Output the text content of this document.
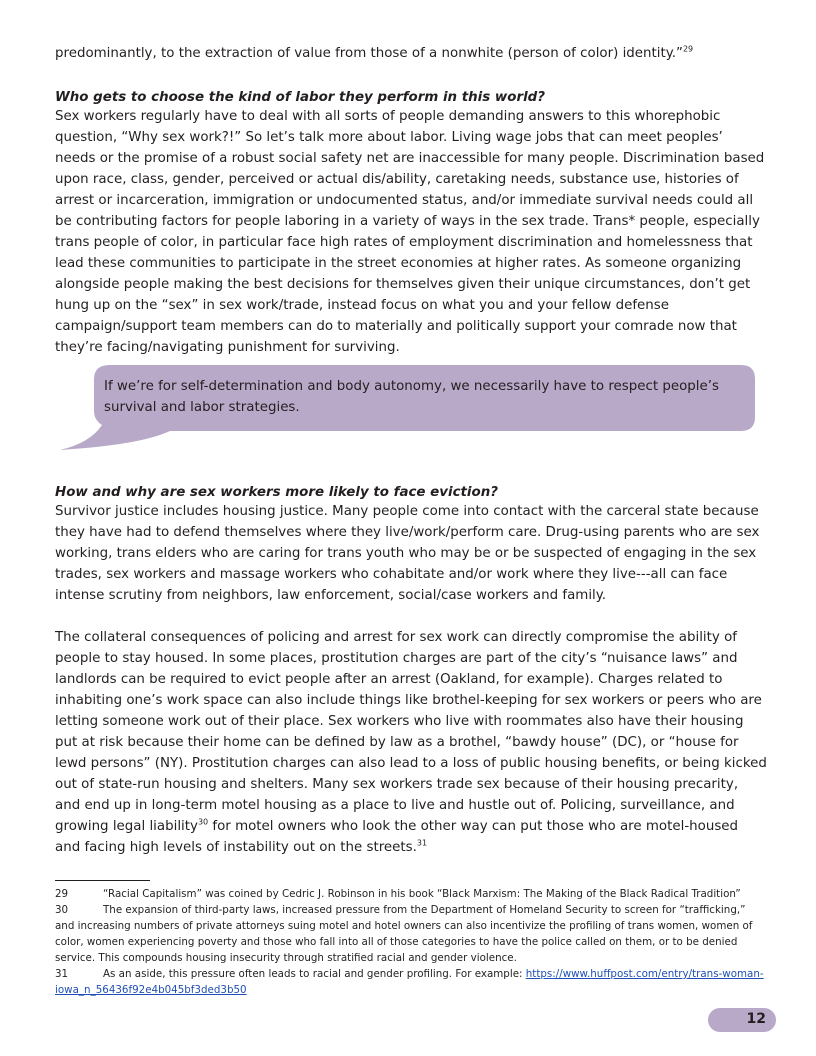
predominantly, to the extraction of value from those of a nonwhite (person of color) identity.”$^{29}$

Who gets to choose the kind of labor they perform in this world?

Sex workers regularly have to deal with all sorts of people demanding answers to this whorephobic question, “Why sex work?!” So let’s talk more about labor. Living wage jobs that can meet peoples’ needs or the promise of a robust social safety net are inaccessible for many people. Discrimination based upon race, class, gender, perceived or actual dis/ability, caretaking needs, substance use, histories of arrest or incarceration, immigration or undocumented status, and/or immediate survival needs could all be contributing factors for people laboring in a variety of ways in the sex trade. Trans* people, especially trans people of color, in particular face high rates of employment discrimination and homelessness that lead these communities to participate in the street economies at higher rates. As someone organizing alongside people making the best decisions for themselves given their unique circumstances, don’t get hung up on the “sex” in sex work/trade, instead focus on what you and your fellow defense campaign/support team members can do to materially and politically support your comrade now that they’re facing/navigating punishment for surviving.

If we’re for self-determination and body autonomy, we necessarily have to respect people’s survival and labor strategies.

How and why are sex workers more likely to face eviction?

Survivor justice includes housing justice. Many people come into contact with the carceral state because they have had to defend themselves where they live/work/perform care. Drug-using parents who are sex working, trans elders who are caring for trans youth who may be or be suspected of engaging in the sex trades, sex workers and massage workers who cohabitate and/or work where they live---all can face intense scrutiny from neighbors, law enforcement, social/case workers and family.

The collateral consequences of policing and arrest for sex work can directly compromise the ability of people to stay housed. In some places, prostitution charges are part of the city’s “nuisance laws” and landlords can be required to evict people after an arrest (Oakland, for example). Charges related to inhabiting one’s work space can also include things like brothel-keeping for sex workers or peers who are letting someone work out of their place. Sex workers who live with roommates also have their housing put at risk because their home can be defined by law as a brothel, “bawdy house” (DC), or “house for lewd persons” (NY). Prostitution charges can also lead to a loss of public housing benefits, or being kicked out of state-run housing and shelters. Many sex workers trade sex because of their housing precarity, and end up in long-term motel housing as a place to live and hustle out of. Policing, surveillance, and growing legal liability$^{30}$ for motel owners who look the other way can put those who are motel-housed and facing high levels of instability out on the streets.$^{31}$

29	“Racial Capitalism” was coined by Cedric J. Robinson in his book “Black Marxism: The Making of the Black Radical Tradition”

30	The expansion of third-party laws, increased pressure from the Department of Homeland Security to screen for “trafficking,” and increasing numbers of private attorneys suing motel and hotel owners can also incentivize the profiling of trans women, women of color, women experiencing poverty and those who fall into all of those categories to have the police called on them, or to be denied service. This compounds housing insecurity through stratified racial and gender violence.

31	As an aside, this pressure often leads to racial and gender profiling. For example: https://www.huffpost.com/entry/trans-woman-iowa_n_56436f92e4b045bf3ded3b50

12
